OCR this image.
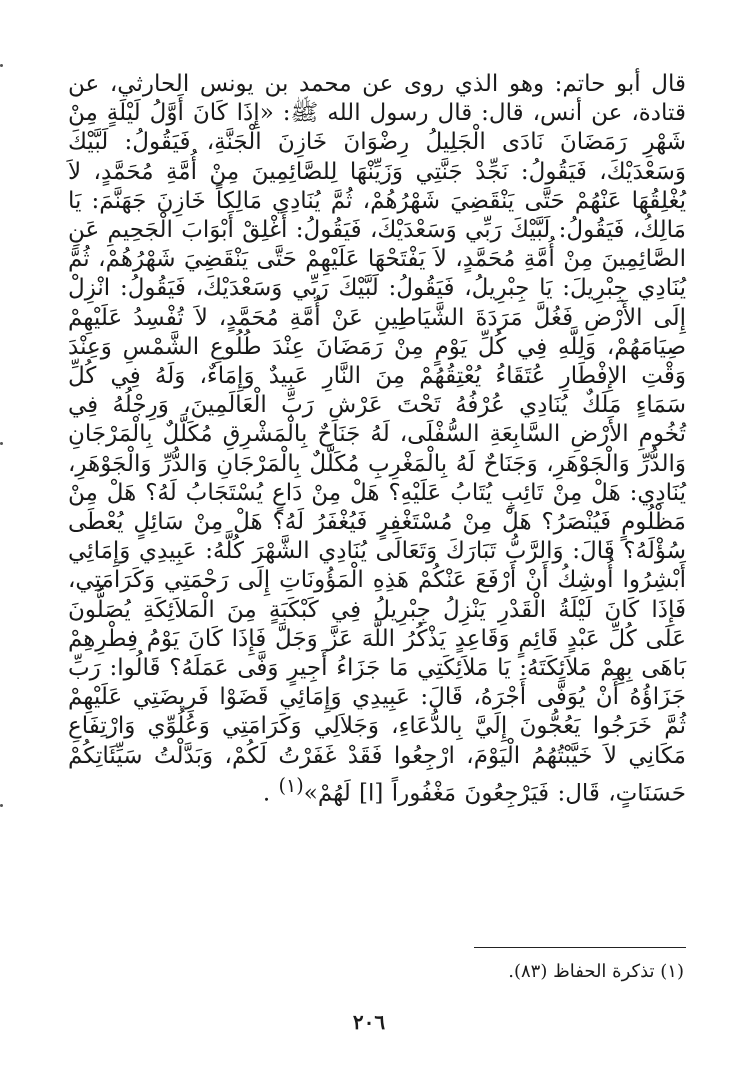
قال أبو حاتم: وهو الذي روى عن محمد بن يونس الحارثي، عن قتادة، عن أنس، قال: قال رسول الله ﷺ: «إِذَا كَانَ أَوَّلُ لَيْلَةٍ مِنْ شَهْرِ رَمَضَانَ نَادَى الْجَلِيلُ رِضْوَانَ خَازِنَ الْجَنَّةِ، فَيَقُولُ: لَبَّيْكَ وَسَعْدَيْكَ، فَيَقُولُ: نَجِّدْ جَنَّتِي وَزَيِّنْهَا لِلصَّائِمِينَ مِنْ أُمَّةِ مُحَمَّدٍ، لاَ يُغْلِقُهَا عَنْهُمْ حَتَّى يَنْقَضِيَ شَهْرُهُمْ، ثُمَّ يُنَادِي مَالِكاً خَازِنَ جَهَنَّمَ: يَا مَالِكُ، فَيَقُولُ: لَبَّيْكَ رَبِّي وَسَعْدَيْكَ، فَيَقُولُ: أَغْلِقْ أَبْوَابَ الْجَحِيمِ عَنِ الصَّائِمِينَ مِنْ أُمَّةِ مُحَمَّدٍ، لاَ يَفْتَحْهَا عَلَيْهِمْ حَتَّى يَنْقَضِيَ شَهْرُهُمْ، ثُمَّ يُنَادِي جِبْرِيلَ: يَا جِبْرِيلُ، فَيَقُولُ: لَبَّيْكَ رَبِّي وَسَعْدَيْكَ، فَيَقُولُ: انْزِلْ إِلَى الأَرْضِ فَغُلَّ مَرَدَةَ الشَّيَاطِينِ عَنْ أُمَّةِ مُحَمَّدٍ، لاَ تُفْسِدُ عَلَيْهِمْ صِيَامَهُمْ، وَلِلَّهِ فِي كُلِّ يَوْمٍ مِنْ رَمَضَانَ عِنْدَ طُلُوعِ الشَّمْسِ وَعِنْدَ وَقْتِ الإِفْطَارِ عُتَقَاءُ يُعْتِقُهُمْ مِنَ النَّارِ عَبِيدٌ وَإِمَاءٌ، وَلَهُ فِي كُلِّ سَمَاءٍ مَلَكٌ يُنَادِي عُرْفُهُ تَحْتَ عَرْشِ رَبِّ الْعَالَمِينَ، وَرِجْلُهُ فِي تُخُومِ الأَرْضِ السَّابِعَةِ السُّفْلَى، لَهُ جَنَاحٌ بِالْمَشْرِقِ مُكَلَّلٌ بِالْمَرْجَانِ وَالدُّرِّ وَالْجَوْهَرِ، وَجَنَاحٌ لَهُ بِالْمَغْرِبِ مُكَلَّلٌ بِالْمَرْجَانِ وَالدُّرِّ وَالْجَوْهَرِ، يُنَادِي: هَلْ مِنْ تَائِبٍ يُتَابُ عَلَيْهِ؟ هَلْ مِنْ دَاعٍ يُسْتَجَابُ لَهُ؟ هَلْ مِنْ مَظْلُومٍ فَيُنْصَرُ؟ هَلْ مِنْ مُسْتَغْفِرٍ فَيُغْفَرُ لَهُ؟ هَلْ مِنْ سَائِلٍ يُعْطَى سُؤْلَهُ؟ قَالَ: وَالرَّبُّ تَبَارَكَ وَتَعَالَى يُنَادِي الشَّهْرَ كُلَّهُ: عَبِيدِي وَإِمَائِي أَبْشِرُوا أُوشِكُ أَنْ أَرْفَعَ عَنْكُمْ هَذِهِ الْمَؤُونَاتِ إِلَى رَحْمَتِي وَكَرَامَتِي، فَإِذَا كَانَ لَيْلَةُ الْقَدْرِ يَنْزِلُ جِبْرِيلُ فِي كَبْكَبَةٍ مِنَ الْمَلاَئِكَةِ يُصَلُّونَ عَلَى كُلِّ عَبْدٍ قَائِمٍ وَقَاعِدٍ يَذْكُرُ اللَّهَ عَزَّ وَجَلَّ فَإِذَا كَانَ يَوْمُ فِطْرِهِمْ بَاهَى بِهِمْ مَلاَئِكَتَهُ: يَا مَلاَئِكَتِي مَا جَزَاءُ أَجِيرٍ وَفَّى عَمَلَهُ؟ قَالُوا: رَبِّ جَزَاؤُهُ أَنْ يُوَفَّى أَجْرَهُ، قَالَ: عَبِيدِي وَإِمَائِي قَضَوْا فَرِيضَتِي عَلَيْهِمْ ثُمَّ خَرَجُوا يَعُجُّونَ إِلَيَّ بِالدُّعَاءِ، وَجَلاَلِي وَكَرَامَتِي وَعُلُوِّي وَارْتِفَاعِ مَكَانِي لاَ خَيَّبْتُهُمُ الْيَوْمَ، ارْجِعُوا فَقَدْ غَفَرْتُ لَكُمْ، وَبَدَّلْتُ سَيِّئَاتِكُمْ حَسَنَاتٍ، قَال: فَيَرْجِعُونَ مَغْفُوراً [ا] لَهُمْ»$^{(١)}$ .

(١) تذكرة الحفاظ (٨٣).
٢٠٦
